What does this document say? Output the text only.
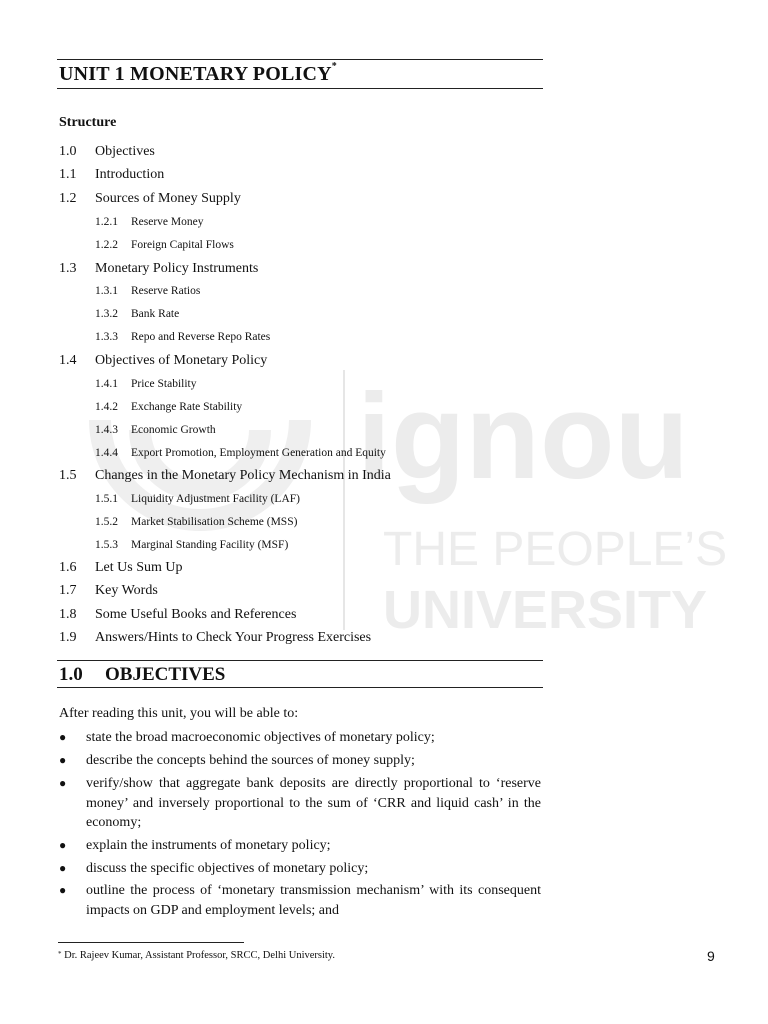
ignou
THE PEOPLE’S
UNIVERSITY
UNIT 1 MONETARY POLICY*
Structure
1.0 Objectives
1.1 Introduction
1.2 Sources of Money Supply
1.2.1 Reserve Money
1.2.2 Foreign Capital Flows
1.3 Monetary Policy Instruments
1.3.1 Reserve Ratios
1.3.2 Bank Rate
1.3.3 Repo and Reverse Repo Rates
1.4 Objectives of Monetary Policy
1.4.1 Price Stability
1.4.2 Exchange Rate Stability
1.4.3 Economic Growth
1.4.4 Export Promotion, Employment Generation and Equity
1.5 Changes in the Monetary Policy Mechanism in India
1.5.1 Liquidity Adjustment Facility (LAF)
1.5.2 Market Stabilisation Scheme (MSS)
1.5.3 Marginal Standing Facility (MSF)
1.6 Let Us Sum Up
1.7 Key Words
1.8 Some Useful Books and References
1.9 Answers/Hints to Check Your Progress Exercises
1.0 OBJECTIVES
After reading this unit, you will be able to:
● state the broad macroeconomic objectives of monetary policy;
● describe the concepts behind the sources of money supply;
● verify/show that aggregate bank deposits are directly proportional to ‘reserve money’ and inversely proportional to the sum of ‘CRR and liquid cash’ in the economy;
● explain the instruments of monetary policy;
● discuss the specific objectives of monetary policy;
● outline the process of ‘monetary transmission mechanism’ with its consequent impacts on GDP and employment levels; and
* Dr. Rajeev Kumar, Assistant Professor, SRCC, Delhi University.	9
